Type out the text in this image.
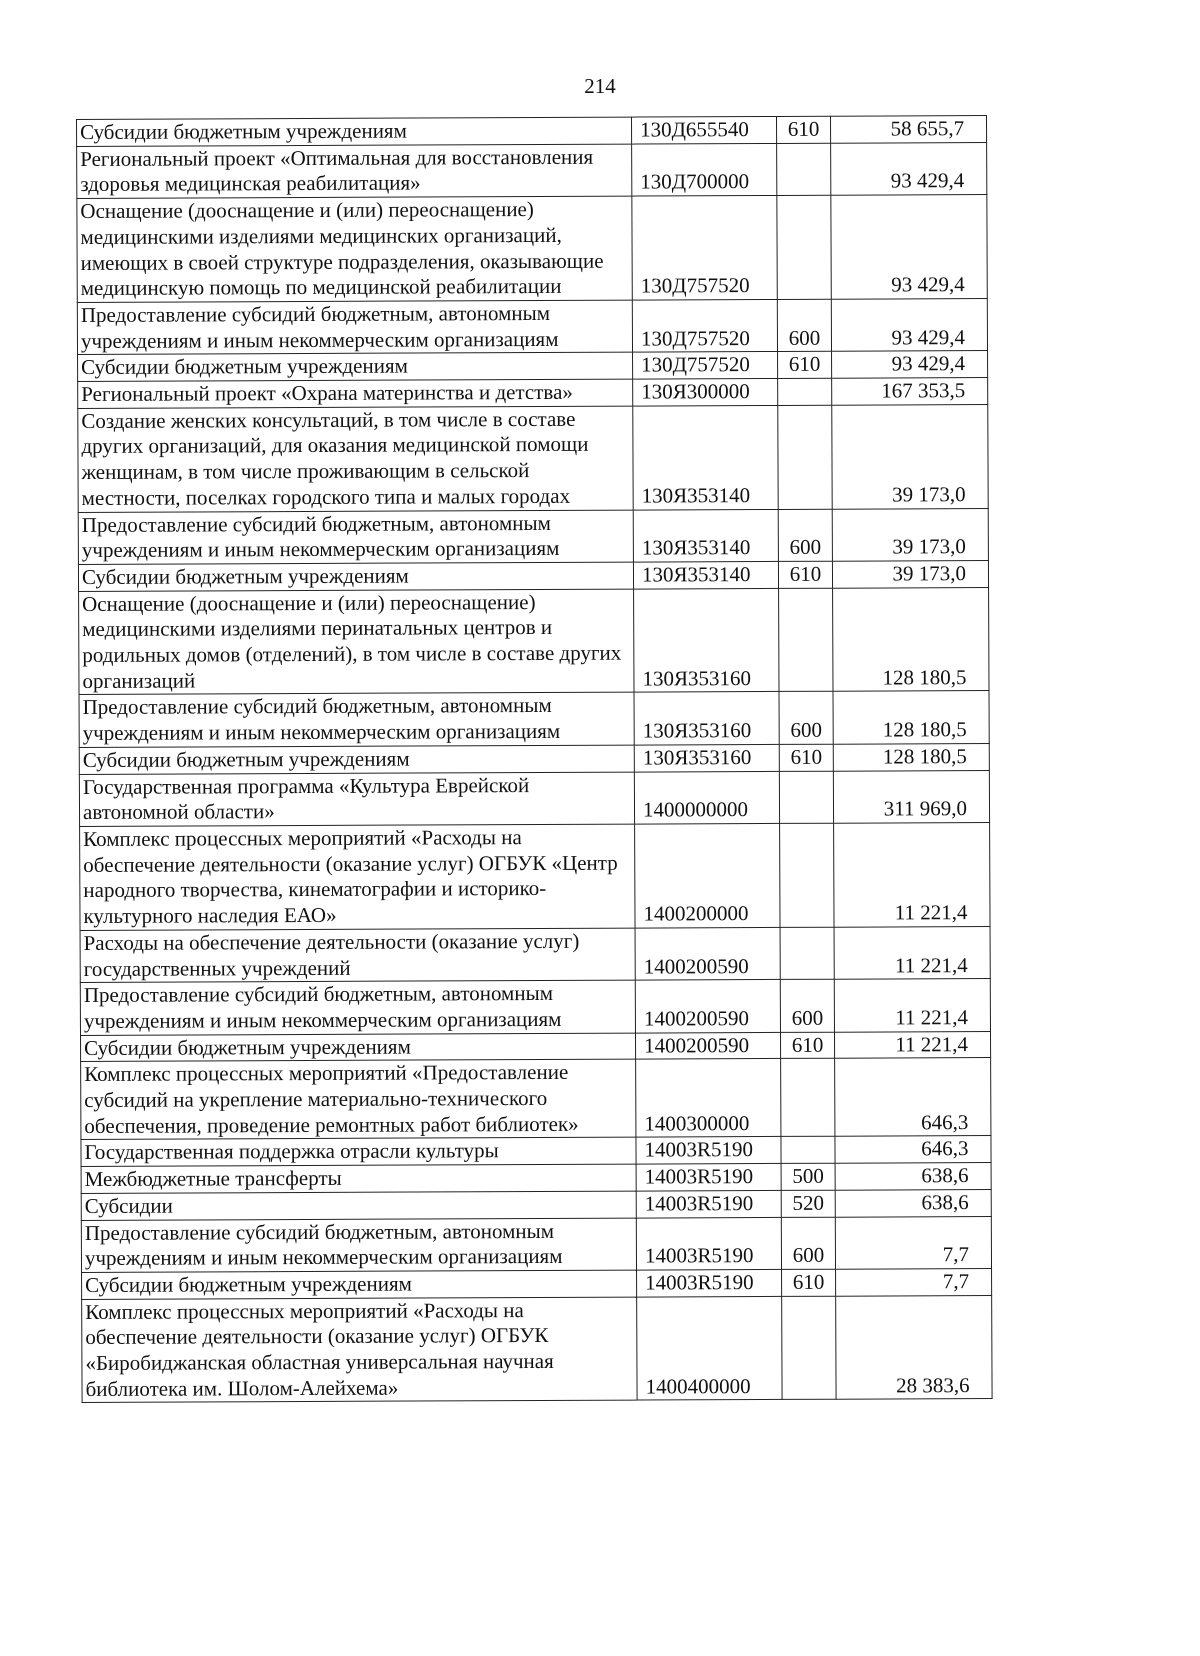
214
Субсидии бюджетным учреждениям	130Д655540	610	58 655,7
Региональный проект «Оптимальная для восстановления здоровья медицинская реабилитация»	130Д700000		93 429,4
Оснащение (дооснащение и (или) переоснащение) медицинскими изделиями медицинских организаций, имеющих в своей структуре подразделения, оказывающие медицинскую помощь по медицинской реабилитации	130Д757520		93 429,4
Предоставление субсидий бюджетным, автономным учреждениям и иным некоммерческим организациям	130Д757520	600	93 429,4
Субсидии бюджетным учреждениям	130Д757520	610	93 429,4
Региональный проект «Охрана материнства и детства»	130Я300000		167 353,5
Создание женских консультаций, в том числе в составе других организаций, для оказания медицинской помощи женщинам, в том числе проживающим в сельской местности, поселках городского типа и малых городах	130Я353140		39 173,0
Предоставление субсидий бюджетным, автономным учреждениям и иным некоммерческим организациям	130Я353140	600	39 173,0
Субсидии бюджетным учреждениям	130Я353140	610	39 173,0
Оснащение (дооснащение и (или) переоснащение) медицинскими изделиями перинатальных центров и родильных домов (отделений), в том числе в составе других организаций	130Я353160		128 180,5
Предоставление субсидий бюджетным, автономным учреждениям и иным некоммерческим организациям	130Я353160	600	128 180,5
Субсидии бюджетным учреждениям	130Я353160	610	128 180,5
Государственная программа «Культура Еврейской автономной области»	1400000000		311 969,0
Комплекс процессных мероприятий «Расходы на обеспечение деятельности (оказание услуг) ОГБУК «Центр народного творчества, кинематографии и историко-культурного наследия ЕАО»	1400200000		11 221,4
Расходы на обеспечение деятельности (оказание услуг) государственных учреждений	1400200590		11 221,4
Предоставление субсидий бюджетным, автономным учреждениям и иным некоммерческим организациям	1400200590	600	11 221,4
Субсидии бюджетным учреждениям	1400200590	610	11 221,4
Комплекс процессных мероприятий «Предоставление субсидий на укрепление материально-технического обеспечения, проведение ремонтных работ библиотек»	1400300000		646,3
Государственная поддержка отрасли культуры	14003R5190		646,3
Межбюджетные трансферты	14003R5190	500	638,6
Субсидии	14003R5190	520	638,6
Предоставление субсидий бюджетным, автономным учреждениям и иным некоммерческим организациям	14003R5190	600	7,7
Субсидии бюджетным учреждениям	14003R5190	610	7,7
Комплекс процессных мероприятий «Расходы на обеспечение деятельности (оказание услуг) ОГБУК «Биробиджанская областная универсальная научная библиотека им. Шолом-Алейхема»	1400400000		28 383,6
